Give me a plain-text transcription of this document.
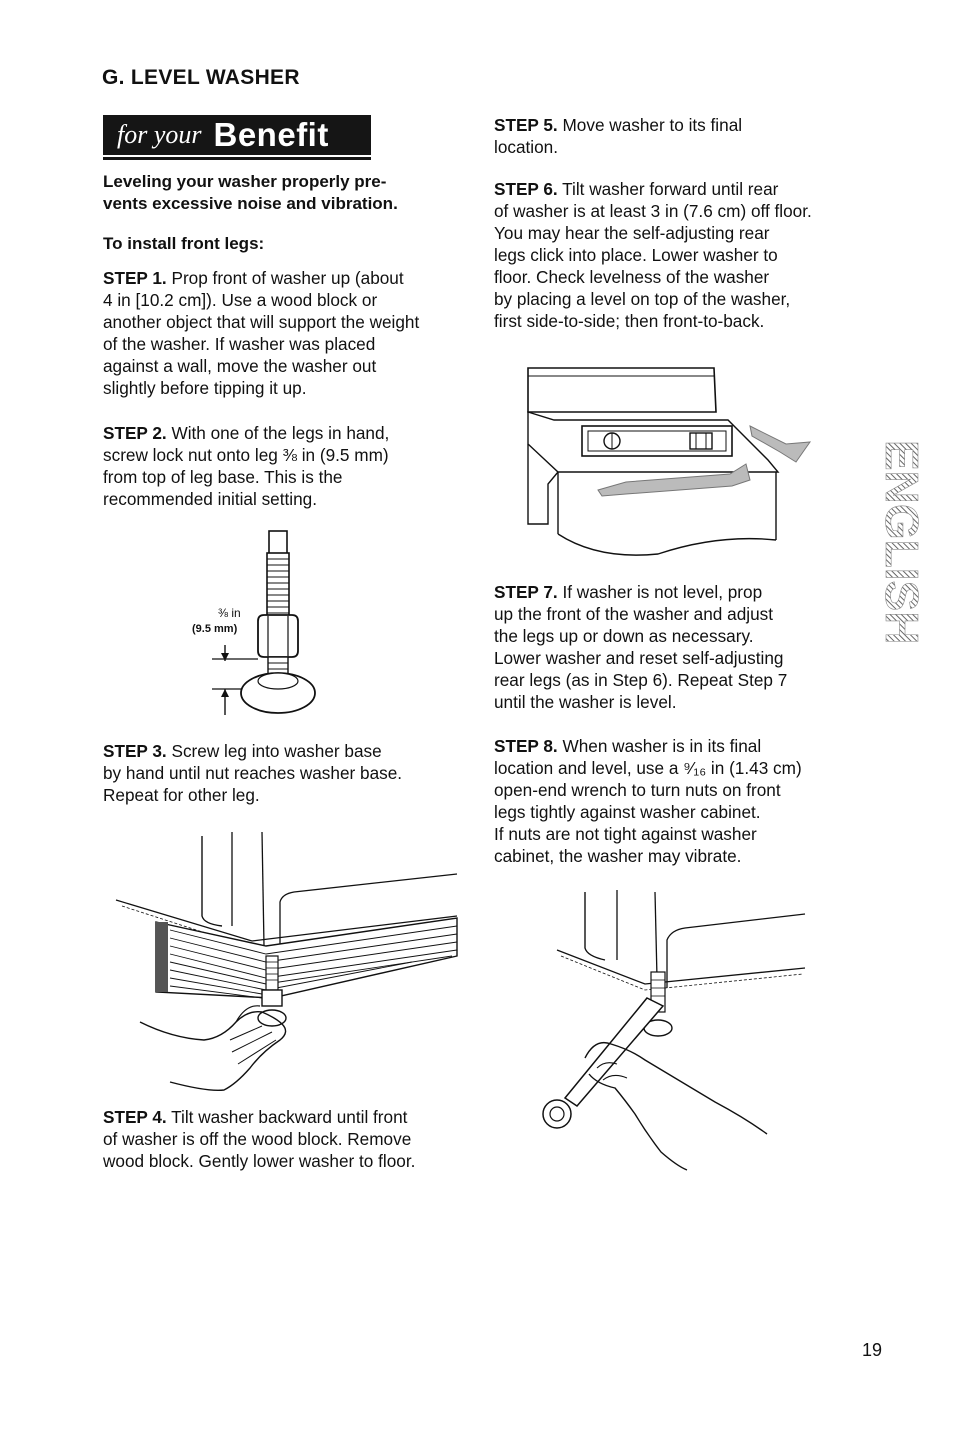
G. LEVEL WASHER
for your Benefit
Leveling your washer properly pre-
vents excessive noise and vibration.
To install front legs:
STEP 1. Prop front of washer up (about
4 in [10.2 cm]). Use a wood block or
another object that will support the weight
of the washer. If washer was placed
against a wall, move the washer out
slightly before tipping it up.
STEP 2. With one of the legs in hand,
screw lock nut onto leg ⅜ in (9.5 mm)
from top of leg base. This is the
recommended initial setting.
⅜ in
(9.5 mm)
STEP 3. Screw leg into washer base
by hand until nut reaches washer base.
Repeat for other leg.
STEP 4. Tilt washer backward until front
of washer is off the wood block. Remove
wood block. Gently lower washer to floor.
STEP 5. Move washer to its final
location.
STEP 6. Tilt washer forward until rear
of washer is at least 3 in (7.6 cm) off floor.
You may hear the self-adjusting rear
legs click into place. Lower washer to
floor. Check levelness of the washer
by placing a level on top of the washer,
first side-to-side; then front-to-back.
STEP 7. If washer is not level, prop
up the front of the washer and adjust
the legs up or down as necessary.
Lower washer and reset self-adjusting
rear legs (as in Step 6). Repeat Step 7
until the washer is level.
STEP 8. When washer is in its final
location and level, use a ⁹⁄₁₆ in (1.43 cm)
open-end wrench to turn nuts on front
legs tightly against washer cabinet.
If nuts are not tight against washer
cabinet, the washer may vibrate.
ENGLISH
19
